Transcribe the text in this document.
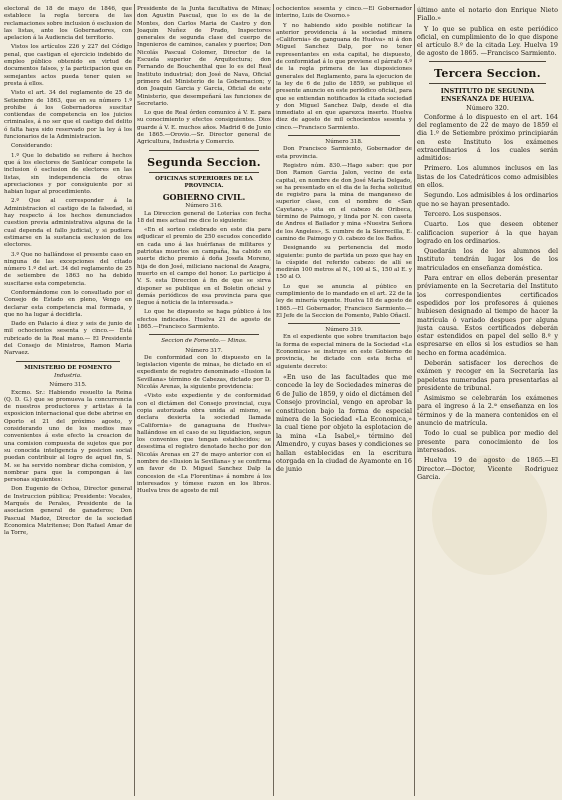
electoral de 18 de mayo de 1846, que establece la regla tercera de las reclamaciones sobre inclusion ó esclusion de las listas, ante los Gobernadores, con apelacion á la Audiencia del territorio.

Vistos los artículos 226 y 227 del Código penal, que castigan el ejercicio indebido de empleo público obtenido en virtud de documentos falsos, y la participacion que en semejantes actos pueda tener quien se presta á ellos.

Visto el art. 34 del reglamento de 25 de Setiembre de 1863, que en su número 1.º prohibe á los Gobernadores suscitar contiendas de competencia en los juicios criminales, á no ser que el castigo del delito ó falta haya sido reservado por la ley á los funcionarios de la Administracion.

Considerando:

1.º Que lo debatido se refiere á hechos que á los electores de Sanlúcar compete la inclusion ó esclusion de electores en las listas, sin independencia de otras apreciaciones y por consiguiente por si habian lugar al procedimiento.

2.º Que al corresponder á la Administracion el castigo de la falsedad, si hay respecto á los hechos denunciados cuestion previa administrativa alguna de la cual dependa el fallo judicial, y si pudiera estimarse en la sustancia esclusion de los electores.

3.º Que no hallándose el presente caso en ninguna de las excepciones del citado número 1.º del art. 34 del reglamento de 25 de setiembre de 1863 no ha debido suscitarse esta competencia.

Conformándome con lo consultado por el Consejo de Estado en pleno, Vengo en declarar esta competencia mal formada, y que no ha lugar á decidirla.

Dado en Palacio á diez y seis de junio de mil ochocientos sesenta y cinco.— Está rubricado de la Real mano.— El Presidente del Consejo de Ministros, Ramon Maria Narvaez.

MINISTERIO DE FOMENTO
Industria.
Número 315.

Excmo. Sr.: Habiendo resuelto la Reina (Q. D. G.) que se promueva la concurrencia de nuestros productores y artistas á la exposicion internacional que debe abrirse en Oporto el 21 del próximo agosto, y considerando uno de los medios mas convenientes á este efecto la creacion de una comision compuesta de sujetos que por su conocida inteligencia y posicion social puedan contribuir al logro de aquel fin, S. M. se ha servido nombrar dicha comision, y nombrar para que la compongan á las personas siguientes:

Don Eugenio de Ochoa, Director general de Instruccion pública; Presidente: Vocales, Marqués de Perales, Presidente de la asociacion general de ganaderos; Don Pascual Madoz, Director de la sociedad Economica Matritense; Don Rafael Amar de la Torre,

Presidente de la Junta facultativa de Minas; don Agustin Pascual, que lo es de la de Montes, don Carlos Maria de Castro y don Joaquin Nuñez de Prado, Inspectores generales de segunda clase del cuerpo de Ingenieros de caminos, canales y puertos; Don Nicolás Pascual Colomer, Director de la Escuela superior de Arquitectura; don Fernando de Bouchenthal que lo es del Real Instituto industrial; don José de Nava, Oficial primero del Ministerio de la Gobernacion; y don Joaquin Garcia y Garcia, Oficial de este Ministerio, que desempeñará las funciones de Secretario.

Lo que de Real órden comunico á V. E. para su conocimiento y efectos consiguientes. Dios guarde á V. E. muchos años. Madrid 6 de Junio de 1865.—Orovio.—Sr. Director general de Agricultura, Industria y Comercio.

Segunda Seccion.
OFICINAS SUPERIORES DE LA PROVINCIA.
GOBIERNO CIVIL.
Número 316.

La Direccion general de Loterías con fecha 18 del mes actual me dice lo siguiente:

«En el sorteo celebrado en este dia para adjudicar el premio de 250 escudos concedido en cada uno á las huérfanas de militares y patriotas muertos en campaña, ha cabido en suerte dicho premio á doña Josefa Moreno, hija de don José, miliciano nacional de Azagra, muerto en el campo del honor. Lo participo á V. S. esta Direccion á fin de que se sirva disponer se publique en el Boletin oficial y demás periódicos de esa provincia para que llegue á noticia de la interesada.»

Lo que he dispuesto se haga público á los efectos indicados. Huelva 21 de agosto de 1865.—Francisco Sarmiento.

Seccion de Fomento.— Minas.
Número 317.

De conformidad con lo dispuesto en la legislacion vigente de minas, he dictado en el expediente de registro denominado «Ilusion la Sevillana» término de Cabezas, dictado por D. Nicolás Arenas, la siguiente providencia:

«Visto este expediente y de conformidad con el dictámen del Consejo provincial, cuya copia autorizada obra unida al mismo, se declara desierta la sociedad llamada «California» de ganaguana de Huelva» hallándose en el caso de su liquidacion, segun los convenios que tengan establecidos; se desestima el registro denotado hecho por don Nicolás Arenas en 27 de mayo anterior con el nombre de «Ilusion la Sevillana» y se confirma en favor de D. Miguel Sanchez Dalp la concesion de «La Florentina» á nombre á los interesados y tómese razon en los libros. Huelva tres de agosto de mil

ochocientos sesenta y cinco.—El Gobernador interino, Luis de Osorno.»

Y no habiendo sido posible notificar la anterior providencia á la sociedad minera «California» de ganguana de Huelva» ni á don Miguel Sanchez Dalp, por no tener representantes en esta capital, he dispuesto, de conformidad á lo que previene el párrafo 4.º de la regla primera de las disposiciones generales del Reglamento, para la ejecucion de la ley de 6 de julio de 1859, se publique el presente anuncio en este periódico oficial, para que se entiendan notificados la citada sociedad y don Miguel Sanchez Dalp, desde el dia inmediato al en que aparezca inserto. Huelva diez de agosto de mil ochocientos sesenta y cinco.—Francisco Sarmiento.

Número 318.

Don Francisco Sarmiento, Gobernador de esta provincia.

Registro núm. 830.—Hago saber: que por Don Ramon Garcia Jalon, vecino de esta capital, en nombre de don José María Delgado, se ha presentado en el dia de la fecha solicitud de registro para la mina de manganeso de superior clase, con el nombre de «San Cayetano,» sita en el cabezo de Oribeca, término de Paimogo, y linda por N. con caseta de Andres el Bailador y mina «Nuestra Señora de los Angeles», S. cumbre de la Sierrecilla, E. camino de Paimogo y O. cabezo de los Baños.

Designando su pertenencia del modo siguiente: punto de partida un pozo que hay en la cúspide del referido cabezo: de allí se medirán 100 metros al N., 100 al S., 150 al E. y 150 al O.

Lo que se anuncia al público en cumplimiento de lo mandado en el art. 22 de la ley de minería vigente. Huelva 18 de agosto de 1865.—El Gobernador, Francisco Sarmiento.—El Jefe de la Seccion de Fomento, Pablo Oñacil.

Número 319.

En el expediente que sobre tramitacion bajo la forma de especial minera de la Sociedad «La Economica» se instruye en este Gobierno de provincia, he dictado con esta fecha el siguiente decreto:

«En uso de las facultades que me concede la ley de Sociedades mineras de 6 de Julio de 1859, y oido el dictámen del Consejo provincial, vengo en aprobar la constitucion bajo la forma de especial minera de la Sociedad «La Economica,» la cual tiene por objeto la esplotacion de la mina «La Isabel,» término del Almendro, y cuyas bases y condiciones se hallan establecidas en la escritura otorgada en la ciudad de Ayamonte en 16 de junio

último ante el notario don Enrique Nieto Fiallo.»

Y lo que se publica en este periódico oficial, en cumplimiento de lo que dispone el artículo 8.º de la citada Ley. Huelva 19 de agosto de 1865. —Francisco Sarmiento.

Tercera Seccion.
INSTITUTO DE SEGUNDA ENSEÑANZA DE HUELVA.
Número 320.

Conforme á lo dispuesto en el art. 164 del reglamento de 22 de mayo de 1859 el dia 1.º de Setiembre próximo principiarán en este Instituto los exámenes extraordinarios á los cuales serán admitidos:

Primero. Los alumnos inclusos en las listas de los Catedráticos como admisibles en ellos.

Segundo. Los admisibles á los ordinarios que no se hayan presentado.

Tercero. Los suspensos.

Cuarto. Los que deseen obtener calificacion superior á la que hayan logrado en los ordinarios.

Quedarán los de los alumnos del Instituto tendrán lugar los de los matriculados en enseñanza doméstica.

Para entrar en ellos deberán presentar préviamente en la Secretaria del Instituto los correspondientes certificados espedidos por los profesores á quienes hubiesen designado al tiempo de hacer la matrícula ó variado despues por alguna justa causa. Estos certificados deberán estar estendidos en papel del sello 8.º y espresarse en ellos si los estudios se han hecho en forma académica.

Deberán satisfacer los derechos de exámen y recoger en la Secretaría las papeletas numeradas para presentarlas al presidente de tribunal.

Asimismo se celebrarán los exámenes para el ingreso á la 2.ª enseñanza en los términos y de la manera contenidos en el anuncio de matrícula.

Todo lo cual se publica por medio del presente para conocimiento de los interesados.

Huelva 19 de agosto de 1865.—El Director.—Doctor, Vicente Rodriguez Garcia.
